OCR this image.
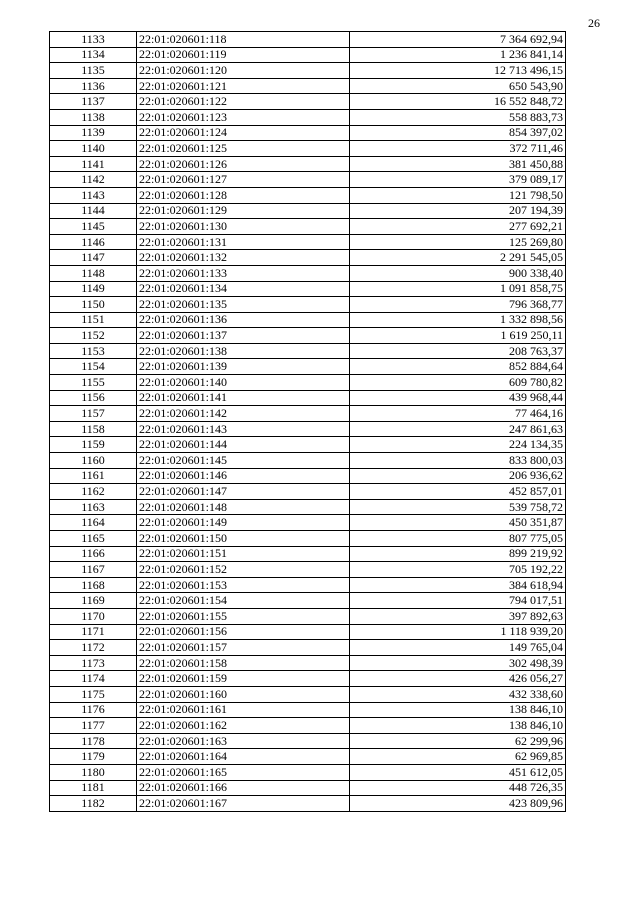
26
1133	22:01:020601:118	7 364 692,94
1134	22:01:020601:119	1 236 841,14
1135	22:01:020601:120	12 713 496,15
1136	22:01:020601:121	650 543,90
1137	22:01:020601:122	16 552 848,72
1138	22:01:020601:123	558 883,73
1139	22:01:020601:124	854 397,02
1140	22:01:020601:125	372 711,46
1141	22:01:020601:126	381 450,88
1142	22:01:020601:127	379 089,17
1143	22:01:020601:128	121 798,50
1144	22:01:020601:129	207 194,39
1145	22:01:020601:130	277 692,21
1146	22:01:020601:131	125 269,80
1147	22:01:020601:132	2 291 545,05
1148	22:01:020601:133	900 338,40
1149	22:01:020601:134	1 091 858,75
1150	22:01:020601:135	796 368,77
1151	22:01:020601:136	1 332 898,56
1152	22:01:020601:137	1 619 250,11
1153	22:01:020601:138	208 763,37
1154	22:01:020601:139	852 884,64
1155	22:01:020601:140	609 780,82
1156	22:01:020601:141	439 968,44
1157	22:01:020601:142	77 464,16
1158	22:01:020601:143	247 861,63
1159	22:01:020601:144	224 134,35
1160	22:01:020601:145	833 800,03
1161	22:01:020601:146	206 936,62
1162	22:01:020601:147	452 857,01
1163	22:01:020601:148	539 758,72
1164	22:01:020601:149	450 351,87
1165	22:01:020601:150	807 775,05
1166	22:01:020601:151	899 219,92
1167	22:01:020601:152	705 192,22
1168	22:01:020601:153	384 618,94
1169	22:01:020601:154	794 017,51
1170	22:01:020601:155	397 892,63
1171	22:01:020601:156	1 118 939,20
1172	22:01:020601:157	149 765,04
1173	22:01:020601:158	302 498,39
1174	22:01:020601:159	426 056,27
1175	22:01:020601:160	432 338,60
1176	22:01:020601:161	138 846,10
1177	22:01:020601:162	138 846,10
1178	22:01:020601:163	62 299,96
1179	22:01:020601:164	62 969,85
1180	22:01:020601:165	451 612,05
1181	22:01:020601:166	448 726,35
1182	22:01:020601:167	423 809,96
